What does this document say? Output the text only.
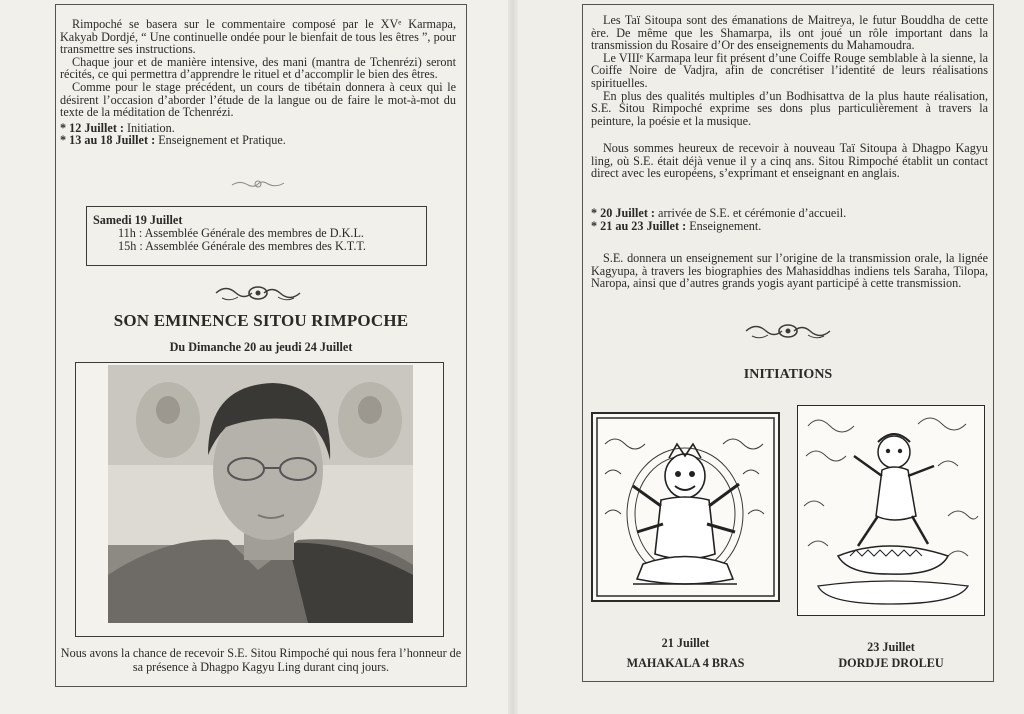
Rimpoché se basera sur le commentaire composé par le XVᵉ Karmapa, Kakyab Dordjé, “ Une continuelle ondée pour le bienfait de tous les êtres ”, pour transmettre ses instructions.

Chaque jour et de manière intensive, des mani (mantra de Tchenrézi) seront récités, ce qui permettra d’apprendre le rituel et d’accomplir le bien des êtres.

Comme pour le stage précédent, un cours de tibétain donnera à ceux qui le désirent l’occasion d’aborder l’étude de la langue ou de faire le mot-à-mot du texte de la méditation de Tchenrézi.

* 12 Juillet : Initiation.

* 13 au 18 Juillet : Enseignement et Pratique.

Samedi 19 Juillet
11h : Assemblée Générale des membres de D.K.L.
15h : Assemblée Générale des membres des K.T.T.
SON EMINENCE SITOU RIMPOCHE
Du Dimanche 20 au jeudi 24 Juillet
Nous avons la chance de recevoir S.E. Sitou Rimpoché qui nous fera l’honneur de sa présence à Dhagpo Kagyu Ling durant cinq jours.

Les Taï Sitoupa sont des émanations de Maitreya, le futur Bouddha de cette ère. De même que les Shamarpa, ils ont joué un rôle important dans la transmission du Rosaire d’Or des enseignements du Mahamoudra.

Le VIIIᵉ Karmapa leur fit présent d’une Coiffe Rouge semblable à la sienne, la Coiffe Noire de Vadjra, afin de concrétiser l’identité de leurs réalisations spirituelles.

En plus des qualités multiples d’un Bodhisattva de la plus haute réalisation, S.E. Sitou Rimpoché exprime ses dons plus particulièrement à travers la peinture, la poésie et la musique.

Nous sommes heureux de recevoir à nouveau Taï Sitoupa à Dhagpo Kagyu ling, où S.E. était déjà venue il y a cinq ans. Sitou Rimpoché établit un contact direct avec les européens, s’exprimant et enseignant en anglais.

* 20 Juillet : arrivée de S.E. et cérémonie d’accueil.

* 21 au 23 Juillet : Enseignement.

S.E. donnera un enseignement sur l’origine de la transmission orale, la lignée Kagyupa, à travers les biographies des Mahasiddhas indiens tels Saraha, Tilopa, Naropa, ainsi que d’autres grands yogis ayant participé à cette transmission.

INITIATIONS
21 Juillet
MAHAKALA 4 BRAS
23 Juillet
DORDJE DROLEU
